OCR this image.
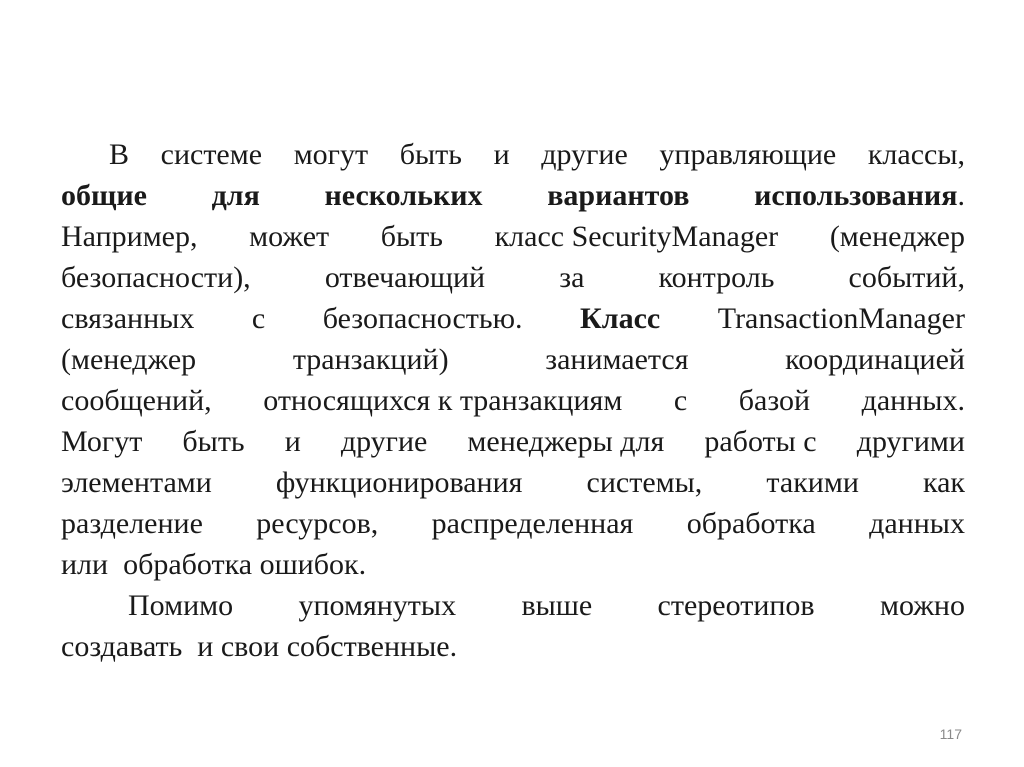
В системе могут быть и другие управляющие классы,
общие для нескольких вариантов использования.
Например, может быть класс SecurityManager (менеджер
безопасности), отвечающий за контроль событий,
связанных с безопасностью. Класс TransactionManager
(менеджер	транзакций)	занимается	координацией
сообщений, относящихся к транзакциям с базой данных.
Могут быть и другие менеджеры для работы с другими
элементами функционирования системы, такими как
разделение ресурсов, распределенная обработка данных
или  обработка ошибок.
Помимо упомянутых выше стереотипов можно
создавать  и свои собственные.
117
